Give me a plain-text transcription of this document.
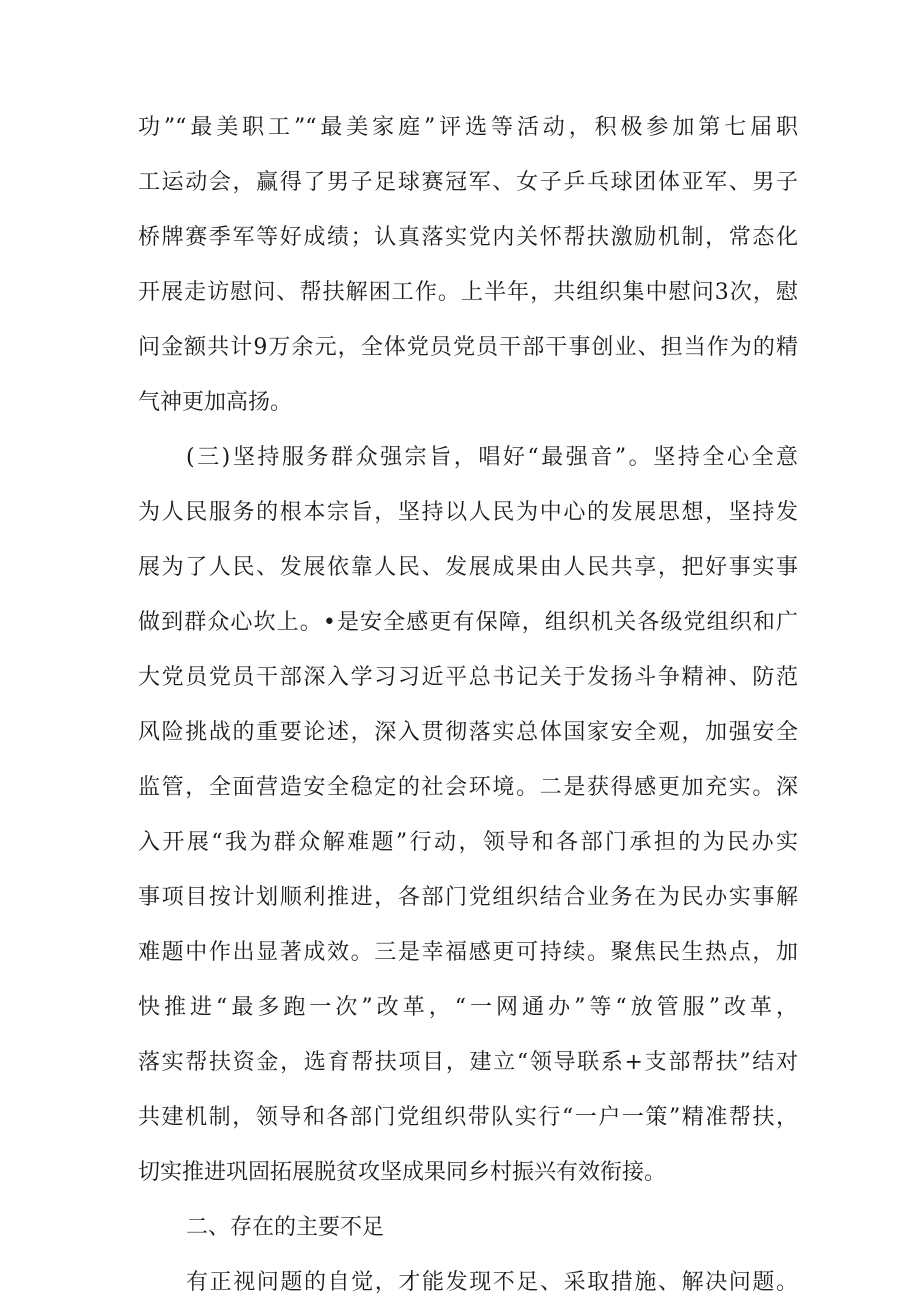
功”“最美职工”“最美家庭”评选等活动，积极参加第七届职
工运动会，赢得了男子足球赛冠军、女子乒乓球团体亚军、男子
桥牌赛季军等好成绩；认真落实党内关怀帮扶激励机制，常态化
开展走访慰问、帮扶解困工作。上半年，共组织集中慰问3次，慰
问金额共计9万余元，全体党员党员干部干事创业、担当作为的精
气神更加高扬。
(三)坚持服务群众强宗旨，唱好“最强音”。坚持全心全意
为人民服务的根本宗旨，坚持以人民为中心的发展思想，坚持发
展为了人民、发展依靠人民、发展成果由人民共享，把好事实事
做到群众心坎上。•是安全感更有保障，组织机关各级党组织和广
大党员党员干部深入学习习近平总书记关于发扬斗争精神、防范
风险挑战的重要论述，深入贯彻落实总体国家安全观，加强安全
监管，全面营造安全稳定的社会环境。二是获得感更加充实。深
入开展“我为群众解难题”行动，领导和各部门承担的为民办实
事项目按计划顺利推进，各部门党组织结合业务在为民办实事解
难题中作出显著成效。三是幸福感更可持续。聚焦民生热点，加
快推进“最多跑一次”改革，“一网通办”等“放管服”改革，
落实帮扶资金，选育帮扶项目，建立“领导联系+支部帮扶”结对
共建机制，领导和各部门党组织带队实行“一户一策”精准帮扶，
切实推进巩固拓展脱贫攻坚成果同乡村振兴有效衔接。
二、存在的主要不足
有正视问题的自觉，才能发现不足、采取措施、解决问题。
